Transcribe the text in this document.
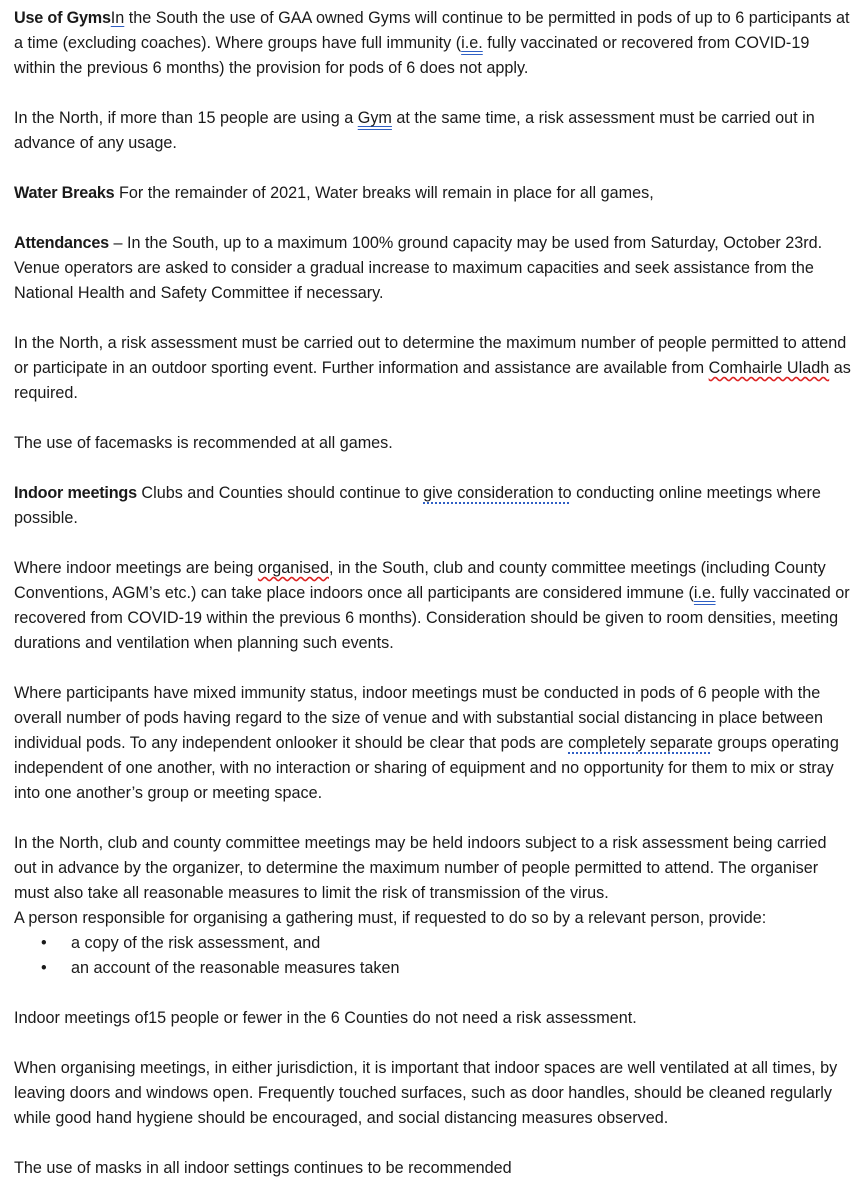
Use of GymsIn the South the use of GAA owned Gyms will continue to be permitted in pods of up to 6 participants at a time (excluding coaches). Where groups have full immunity (i.e. fully vaccinated or recovered from COVID-19 within the previous 6 months) the provision for pods of 6 does not apply.

In the North, if more than 15 people are using a Gym at the same time, a risk assessment must be carried out in advance of any usage.

Water Breaks For the remainder of 2021, Water breaks will remain in place for all games,

Attendances – In the South, up to a maximum 100% ground capacity may be used from Saturday, October 23rd. Venue operators are asked to consider a gradual increase to maximum capacities and seek assistance from the National Health and Safety Committee if necessary.

In the North, a risk assessment must be carried out to determine the maximum number of people permitted to attend or participate in an outdoor sporting event. Further information and assistance are available from Comhairle Uladh as required.

The use of facemasks is recommended at all games.

Indoor meetings Clubs and Counties should continue to give consideration to conducting online meetings where possible.

Where indoor meetings are being organised, in the South, club and county committee meetings (including County Conventions, AGM’s etc.) can take place indoors once all participants are considered immune (i.e. fully vaccinated or recovered from COVID-19 within the previous 6 months). Consideration should be given to room densities, meeting durations and ventilation when planning such events.

Where participants have mixed immunity status, indoor meetings must be conducted in pods of 6 people with the overall number of pods having regard to the size of venue and with substantial social distancing in place between individual pods. To any independent onlooker it should be clear that pods are completely separate groups operating independent of one another, with no interaction or sharing of equipment and no opportunity for them to mix or stray into one another’s group or meeting space.

In the North, club and county committee meetings may be held indoors subject to a risk assessment being carried out in advance by the organizer, to determine the maximum number of people permitted to attend. The organiser must also take all reasonable measures to limit the risk of transmission of the virus.

A person responsible for organising a gathering must, if requested to do so by a relevant person, provide:

• a copy of the risk assessment, and
• an account of the reasonable measures taken

Indoor meetings of15 people or fewer in the 6 Counties do not need a risk assessment.

When organising meetings, in either jurisdiction, it is important that indoor spaces are well ventilated at all times, by leaving doors and windows open. Frequently touched surfaces, such as door handles, should be cleaned regularly while good hand hygiene should be encouraged, and social distancing measures observed.

The use of masks in all indoor settings continues to be recommended
